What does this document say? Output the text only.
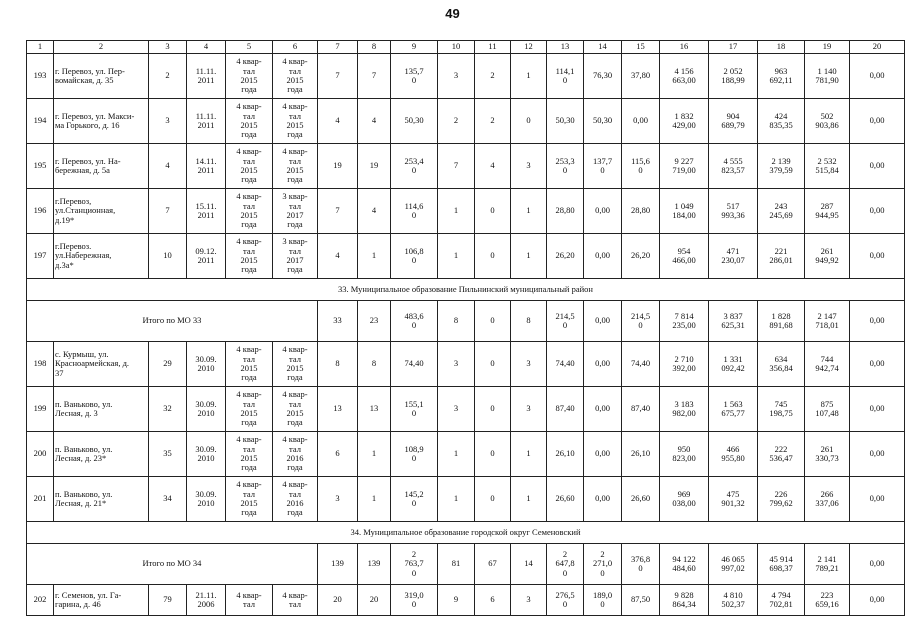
49
1	2	3	4	5	6	7	8	9	10	11	12	13	14	15	16	17	18	19	20
193	г. Перевоз, ул. Пер-
вомайская, д. 35	2	11.11.
2011	4 квар-
тал
2015
года	4 квар-
тал
2015
года	7	7	135,7
0	3	2	1	114,1
0	76,30	37,80	4 156
663,00	2 052
188,99	963
692,11	1 140
781,90	0,00
194	г. Перевоз, ул. Макси-
ма Горького, д. 16	3	11.11.
2011	4 квар-
тал
2015
года	4 квар-
тал
2015
года	4	4	50,30	2	2	0	50,30	50,30	0,00	1 832
429,00	904
689,79	424
835,35	502
903,86	0,00
195	г. Перевоз, ул. На-
бережная, д. 5а	4	14.11.
2011	4 квар-
тал
2015
года	4 квар-
тал
2015
года	19	19	253,4
0	7	4	3	253,3
0	137,7
0	115,6
0	9 227
719,00	4 555
823,57	2 139
379,59	2 532
515,84	0,00
196	г.Перевоз,
ул.Станционная,
д.19*	7	15.11.
2011	4 квар-
тал
2015
года	3 квар-
тал
2017
года	7	4	114,6
0	1	0	1	28,80	0,00	28,80	1 049
184,00	517
993,36	243
245,69	287
944,95	0,00
197	г.Перевоз.
ул.Набережная,
д.3а*	10	09.12.
2011	4 квар-
тал
2015
года	3 квар-
тал
2017
года	4	1	106,8
0	1	0	1	26,20	0,00	26,20	954
466,00	471
230,07	221
286,01	261
949,92	0,00
33. Муниципальное образование Пильнинский муниципальный район																			
Итого по МО 33						33	23	483,6
0	8	0	8	214,5
0	0,00	214,5
0	7 814
235,00	3 837
625,31	1 828
891,68	2 147
718,01	0,00
198	с. Курмыш, ул.
Красноармейская, д.
37	29	30.09.
2010	4 квар-
тал
2015
года	4 квар-
тал
2015
года	8	8	74,40	3	0	3	74,40	0,00	74,40	2 710
392,00	1 331
092,42	634
356,84	744
942,74	0,00
199	п. Ваньково, ул.
Лесная, д. 3	32	30.09.
2010	4 квар-
тал
2015
года	4 квар-
тал
2015
года	13	13	155,1
0	3	0	3	87,40	0,00	87,40	3 183
982,00	1 563
675,77	745
198,75	875
107,48	0,00
200	п. Ваньково, ул.
Лесная, д. 23*	35	30.09.
2010	4 квар-
тал
2015
года	4 квар-
тал
2016
года	6	1	108,9
0	1	0	1	26,10	0,00	26,10	950
823,00	466
955,80	222
536,47	261
330,73	0,00
201	п. Ваньково, ул.
Лесная, д. 21*	34	30.09.
2010	4 квар-
тал
2015
года	4 квар-
тал
2016
года	3	1	145,2
0	1	0	1	26,60	0,00	26,60	969
038,00	475
901,32	226
799,62	266
337,06	0,00
34. Муниципальное образование городской округ Семеновский																			
Итого по МО 34						139	139	2
763,7
0	81	67	14	2
647,8
0	2
271,0
0	376,8
0	94 122
484,60	46 065
997,02	45 914
698,37	2 141
789,21	0,00
202	г. Семенов, ул. Га-
гарина, д. 46	79	21.11.
2006	4 квар-
тал	4 квар-
тал	20	20	319,0
0	9	6	3	276,5
0	189,0
0	87,50	9 828
864,34	4 810
502,37	4 794
702,81	223
659,16	0,00
